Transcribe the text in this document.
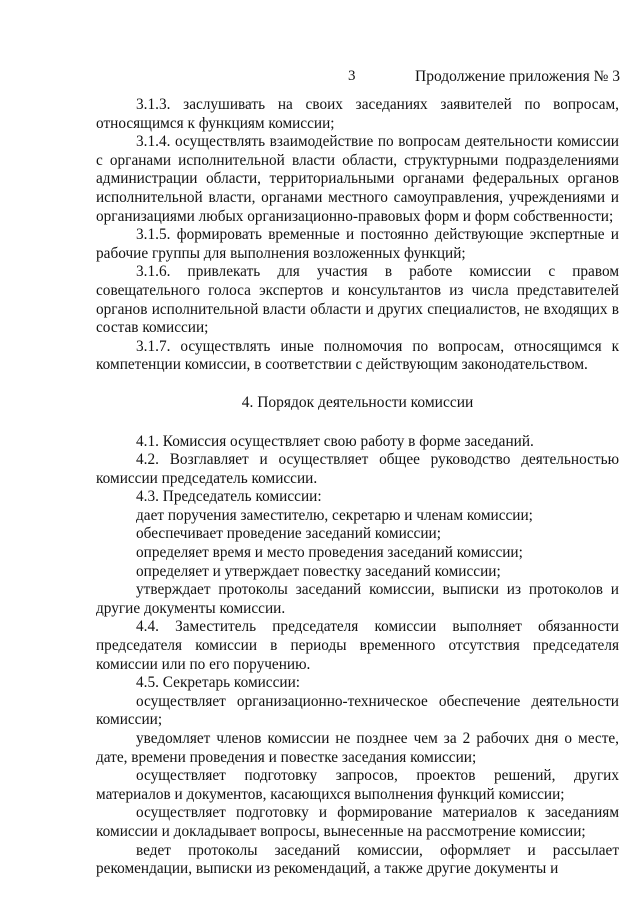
3	Продолжение приложения № 3

3.1.3. заслушивать на своих заседаниях заявителей по вопросам, относящимся к функциям комиссии;

3.1.4. осуществлять взаимодействие по вопросам деятельности комиссии с органами исполнительной власти области, структурными подразделениями администрации области, территориальными органами федеральных органов исполнительной власти, органами местного самоуправления, учреждениями и организациями любых организационно-правовых форм и форм собственности;

3.1.5. формировать временные и постоянно действующие экспертные и рабочие группы для выполнения возложенных функций;

3.1.6. привлекать для участия в работе комиссии с правом совещательного голоса экспертов и консультантов из числа представителей органов исполнительной власти области и других специалистов, не входящих в состав комиссии;

3.1.7. осуществлять иные полномочия по вопросам, относящимся к компетенции комиссии, в соответствии с действующим законодательством.

4. Порядок деятельности комиссии

4.1. Комиссия осуществляет свою работу в форме заседаний.

4.2. Возглавляет и осуществляет общее руководство деятельностью комиссии председатель комиссии.

4.3. Председатель комиссии:

дает поручения заместителю, секретарю и членам комиссии;

обеспечивает проведение заседаний комиссии;

определяет время и место проведения заседаний комиссии;

определяет и утверждает повестку заседаний комиссии;

утверждает протоколы заседаний комиссии, выписки из протоколов и другие документы комиссии.

4.4. Заместитель председателя комиссии выполняет обязанности председателя комиссии в периоды временного отсутствия председателя комиссии или по его поручению.

4.5. Секретарь комиссии:

осуществляет организационно-техническое обеспечение деятельности комиссии;

уведомляет членов комиссии не позднее чем за 2 рабочих дня о месте, дате, времени проведения и повестке заседания комиссии;

осуществляет подготовку запросов, проектов решений, других материалов и документов, касающихся выполнения функций комиссии;

осуществляет подготовку и формирование материалов к заседаниям комиссии и докладывает вопросы, вынесенные на рассмотрение комиссии;

ведет протоколы заседаний комиссии, оформляет и рассылает рекомендации, выписки из рекомендаций, а также другие документы и
